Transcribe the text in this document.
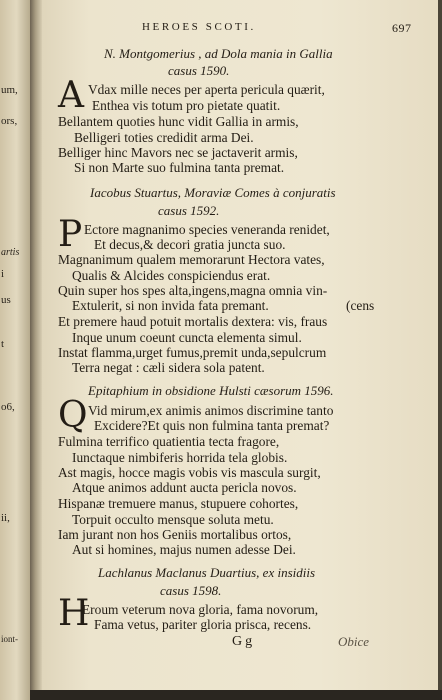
um,
ors,
artis
i
us
t
o6,
ii,
iont-
HEROES SCOTI.	697
N. Montgomerius , ad Dola mania in Gallia
casus 1590.
A Vdax mille neces per aperta pericula quærit,
Enthea vis totum pro pietate quatit.
Bellantem quoties hunc vidit Gallia in armis,
Belligeri toties credidit arma Dei.
Belliger hinc Mavors nec se jactaverit armis,
Si non Marte suo fulmina tanta premat.
Iacobus Stuartus, Moraviæ Comes à conjuratis
casus 1592.
P Ectore magnanimo species veneranda renidet,
Et decus,& decori gratia juncta suo.
Magnanimum qualem memorarunt Hectora vates,
Qualis & Alcides conspiciendus erat.
Quin super hos spes alta,ingens,magna omnia vin-
Extulerit, si non invida fata premant.	(cens
Et premere haud potuit mortalis dextera: vis, fraus
Inque unum coeunt cuncta elementa simul.
Instat flamma,urget fumus,premit unda,sepulcrum
Terra negat : cæli sidera sola patent.
Epitaphium in obsidione Hulsti cæsorum 1596.
Q Vid mirum,ex animis animos discrimine tanto
Excidere?Et quis non fulmina tanta premat?
Fulmina terrifico quatientia tecta fragore,
Iunctaque nimbiferis horrida tela globis.
Ast magis, hocce magis vobis vis mascula surgit,
Atque animos addunt aucta pericla novos.
Hispanæ tremuere manus, stupuere cohortes,
Torpuit occulto mensque soluta metu.
Iam jurant non hos Geniis mortalibus ortos,
Aut si homines, majus numen adesse Dei.
Lachlanus Maclanus Duartius, ex insidiis
casus 1598.
H
Eroum veterum nova gloria, fama novorum,
Fama vetus, pariter gloria prisca, recens.
Gg	Obice
